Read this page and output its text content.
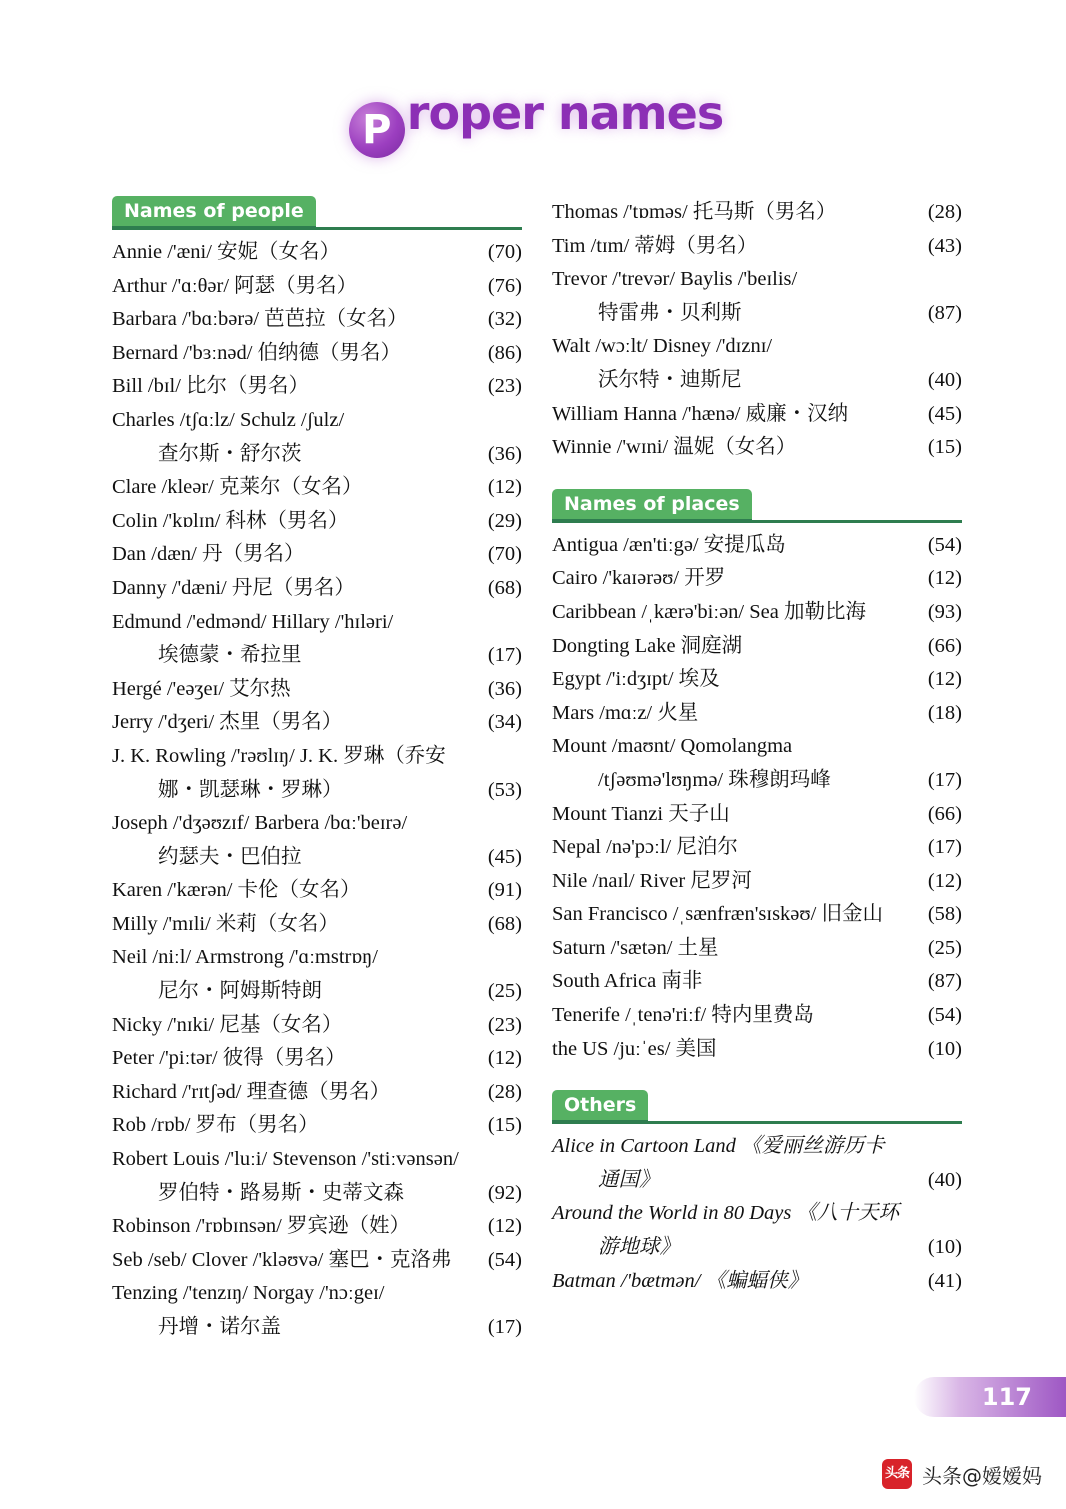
P roper names
Names of people
Annie /'æni/ 安妮（女名）	(70)
Arthur /'ɑːθər/ 阿瑟（男名）	(76)
Barbara /'bɑːbərə/ 芭芭拉（女名）	(32)
Bernard /'bɜːnəd/ 伯纳德（男名）	(86)
Bill /bɪl/ 比尔（男名）	(23)
Charles /tʃɑːlz/ Schulz /ʃulz/
查尔斯・舒尔茨	(36)
Clare /kleər/ 克莱尔（女名）	(12)
Colin /'kɒlɪn/ 科林（男名）	(29)
Dan /dæn/ 丹（男名）	(70)
Danny /'dæni/ 丹尼（男名）	(68)
Edmund /'edmənd/ Hillary /'hɪləri/
埃德蒙・希拉里	(17)
Hergé /'eəʒeɪ/ 艾尔热	(36)
Jerry /'dʒeri/ 杰里（男名）	(34)
J. K. Rowling /'rəʊlɪŋ/ J. K. 罗琳（乔安
娜・凯瑟琳・罗琳）	(53)
Joseph /'dʒəʊzɪf/ Barbera /bɑː'beɪrə/
约瑟夫・巴伯拉	(45)
Karen /'kærən/ 卡伦（女名）	(91)
Milly /'mɪli/ 米莉（女名）	(68)
Neil /niːl/ Armstrong /'ɑːmstrɒŋ/
尼尔・阿姆斯特朗	(25)
Nicky /'nɪki/ 尼基（女名）	(23)
Peter /'piːtər/ 彼得（男名）	(12)
Richard /'rɪtʃəd/ 理查德（男名）	(28)
Rob /rɒb/ 罗布（男名）	(15)
Robert Louis /'luːi/ Stevenson /'stiːvənsən/
罗伯特・路易斯・史蒂文森	(92)
Robinson /'rɒbɪnsən/ 罗宾逊（姓）	(12)
Seb /seb/ Clover /'kləʊvə/ 塞巴・克洛弗	(54)
Tenzing /'tenzɪŋ/ Norgay /'nɔːgeɪ/
丹增・诺尔盖	(17)
Thomas /'tɒməs/ 托马斯（男名）	(28)
Tim /tɪm/ 蒂姆（男名）	(43)
Trevor /'trevər/ Baylis /'beɪlis/
特雷弗・贝利斯	(87)
Walt /wɔːlt/ Disney /'dɪznɪ/
沃尔特・迪斯尼	(40)
William Hanna /'hænə/ 威廉・汉纳	(45)
Winnie /'wɪni/ 温妮（女名）	(15)
Names of places
Antigua /æn'tiːgə/ 安提瓜岛	(54)
Cairo /'kaɪərəʊ/ 开罗	(12)
Caribbean /ˌkærə'biːən/ Sea 加勒比海	(93)
Dongting Lake 洞庭湖	(66)
Egypt /'iːdʒɪpt/ 埃及	(12)
Mars /mɑːz/ 火星	(18)
Mount /maʊnt/ Qomolangma
/tʃəʊmə'lʊŋmə/ 珠穆朗玛峰	(17)
Mount Tianzi 天子山	(66)
Nepal /nə'pɔːl/ 尼泊尔	(17)
Nile /naɪl/ River 尼罗河	(12)
San Francisco /ˌsænfræn'sɪskəʊ/ 旧金山	(58)
Saturn /'sætən/ 土星	(25)
South Africa 南非	(87)
Tenerife /ˌtenə'riːf/ 特内里费岛	(54)
the US /juːˈes/ 美国	(10)
Others
Alice in Cartoon Land 《爱丽丝游历卡
通国》	(40)
Around the World in 80 Days 《八十天环
游地球》	(10)
Batman /'bætmən/ 《蝙蝠侠》	(41)
117
头条 头条@嫒嫒妈
